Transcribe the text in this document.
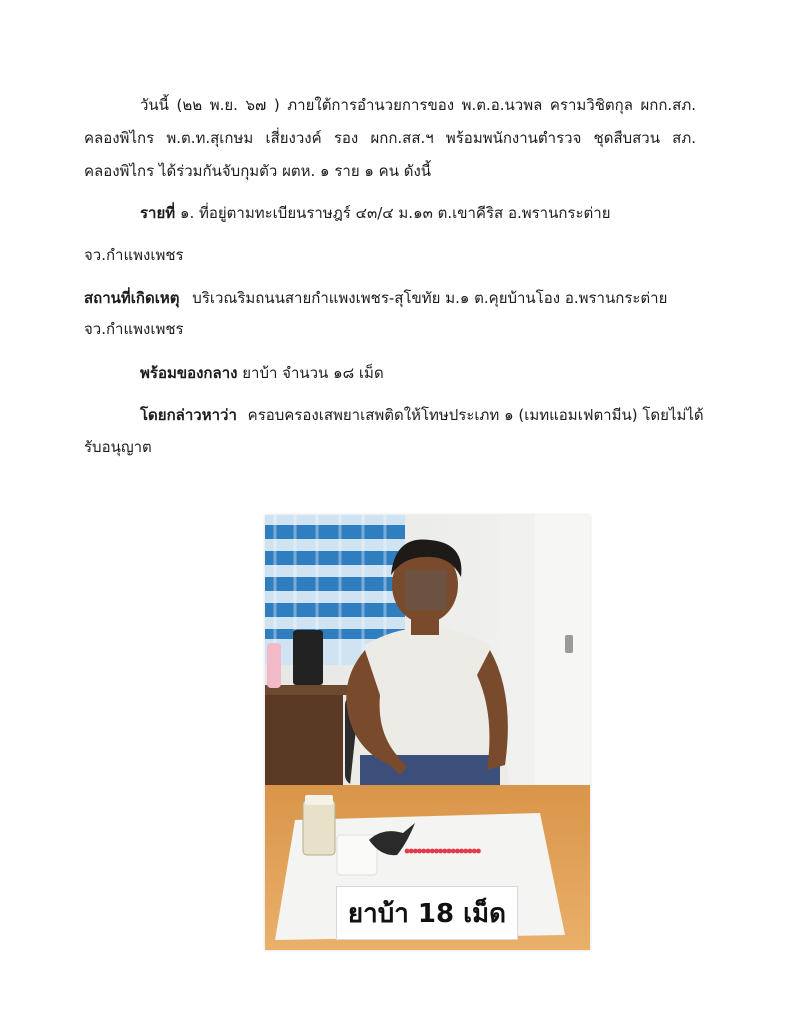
วันนี้ (๒๒ พ.ย. ๖๗ ) ภายใต้การอำนวยการของ พ.ต.อ.นวพล ครามวิชิตกุล ผกก.สภ.
คลองพิไกร พ.ต.ท.สุเกษม เสี่ยงวงค์ รอง ผกก.สส.ฯ พร้อมพนักงานตำรวจ ชุดสืบสวน สภ.
คลองพิไกร ได้ร่วมกันจับกุมตัว ผตห. ๑ ราย ๑ คน ดังนี้
รายที่ ๑. ที่อยู่ตามทะเบียนราษฎร์ ๔๓/๔ ม.๑๓ ต.เขาคีริส อ.พรานกระต่าย
จว.กำแพงเพชร
สถานที่เกิดเหตุ บริเวณริมถนนสายกำแพงเพชร-สุโขทัย ม.๑ ต.คุยบ้านโอง อ.พรานกระต่าย
จว.กำแพงเพชร
พร้อมของกลาง ยาบ้า จำนวน ๑๘ เม็ด
โดยกล่าวหาว่า ครอบครองเสพยาเสพติดให้โทษประเภท ๑ (เมทแอมเฟตามีน) โดยไม่ได้
รับอนุญาต
ยาบ้า 18 เม็ด
